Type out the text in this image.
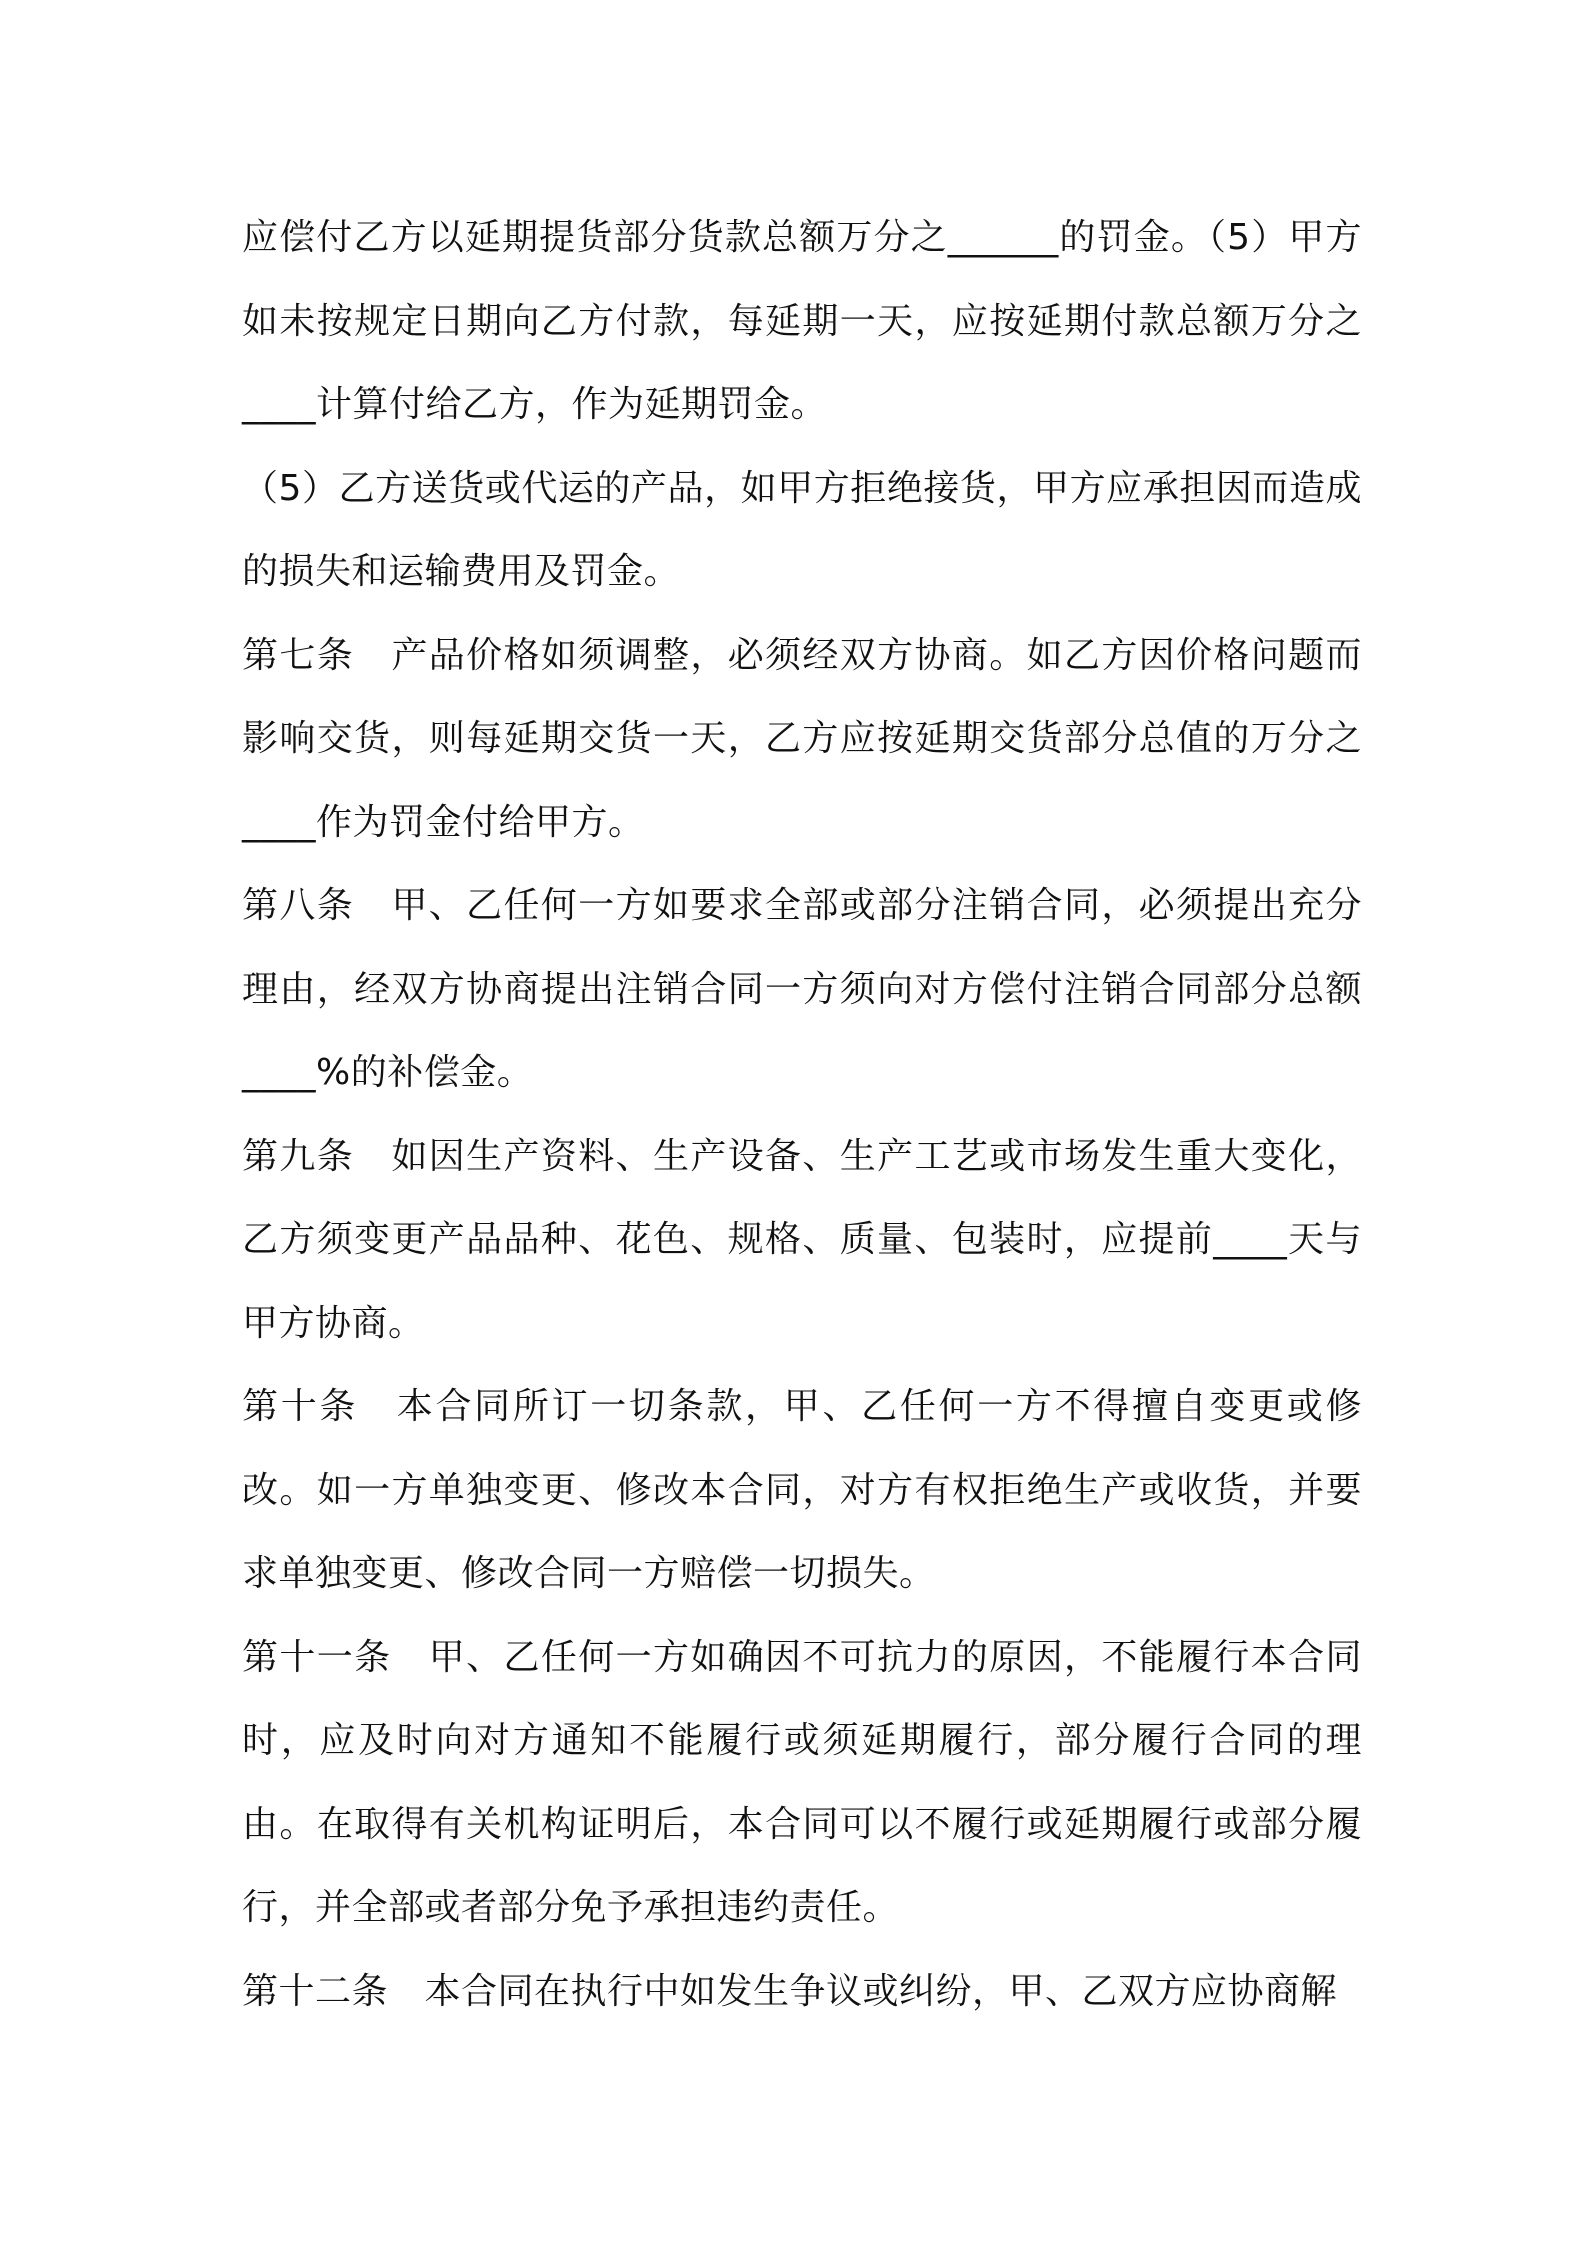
应偿付乙方以延期提货部分货款总额万分之______的罚金。（5）甲方如未按规定日期向乙方付款，每延期一天，应按延期付款总额万分之____计算付给乙方，作为延期罚金。

（5）乙方送货或代运的产品，如甲方拒绝接货，甲方应承担因而造成的损失和运输费用及罚金。

第七条　产品价格如须调整，必须经双方协商。如乙方因价格问题而影响交货，则每延期交货一天，乙方应按延期交货部分总值的万分之____作为罚金付给甲方。

第八条　甲、乙任何一方如要求全部或部分注销合同，必须提出充分理由，经双方协商提出注销合同一方须向对方偿付注销合同部分总额____%的补偿金。

第九条　如因生产资料、生产设备、生产工艺或市场发生重大变化，乙方须变更产品品种、花色、规格、质量、包装时，应提前____天与甲方协商。

第十条　本合同所订一切条款，甲、乙任何一方不得擅自变更或修改。如一方单独变更、修改本合同，对方有权拒绝生产或收货，并要求单独变更、修改合同一方赔偿一切损失。

第十一条　甲、乙任何一方如确因不可抗力的原因，不能履行本合同时，应及时向对方通知不能履行或须延期履行，部分履行合同的理由。在取得有关机构证明后，本合同可以不履行或延期履行或部分履行，并全部或者部分免予承担违约责任。

第十二条　本合同在执行中如发生争议或纠纷，甲、乙双方应协商解
